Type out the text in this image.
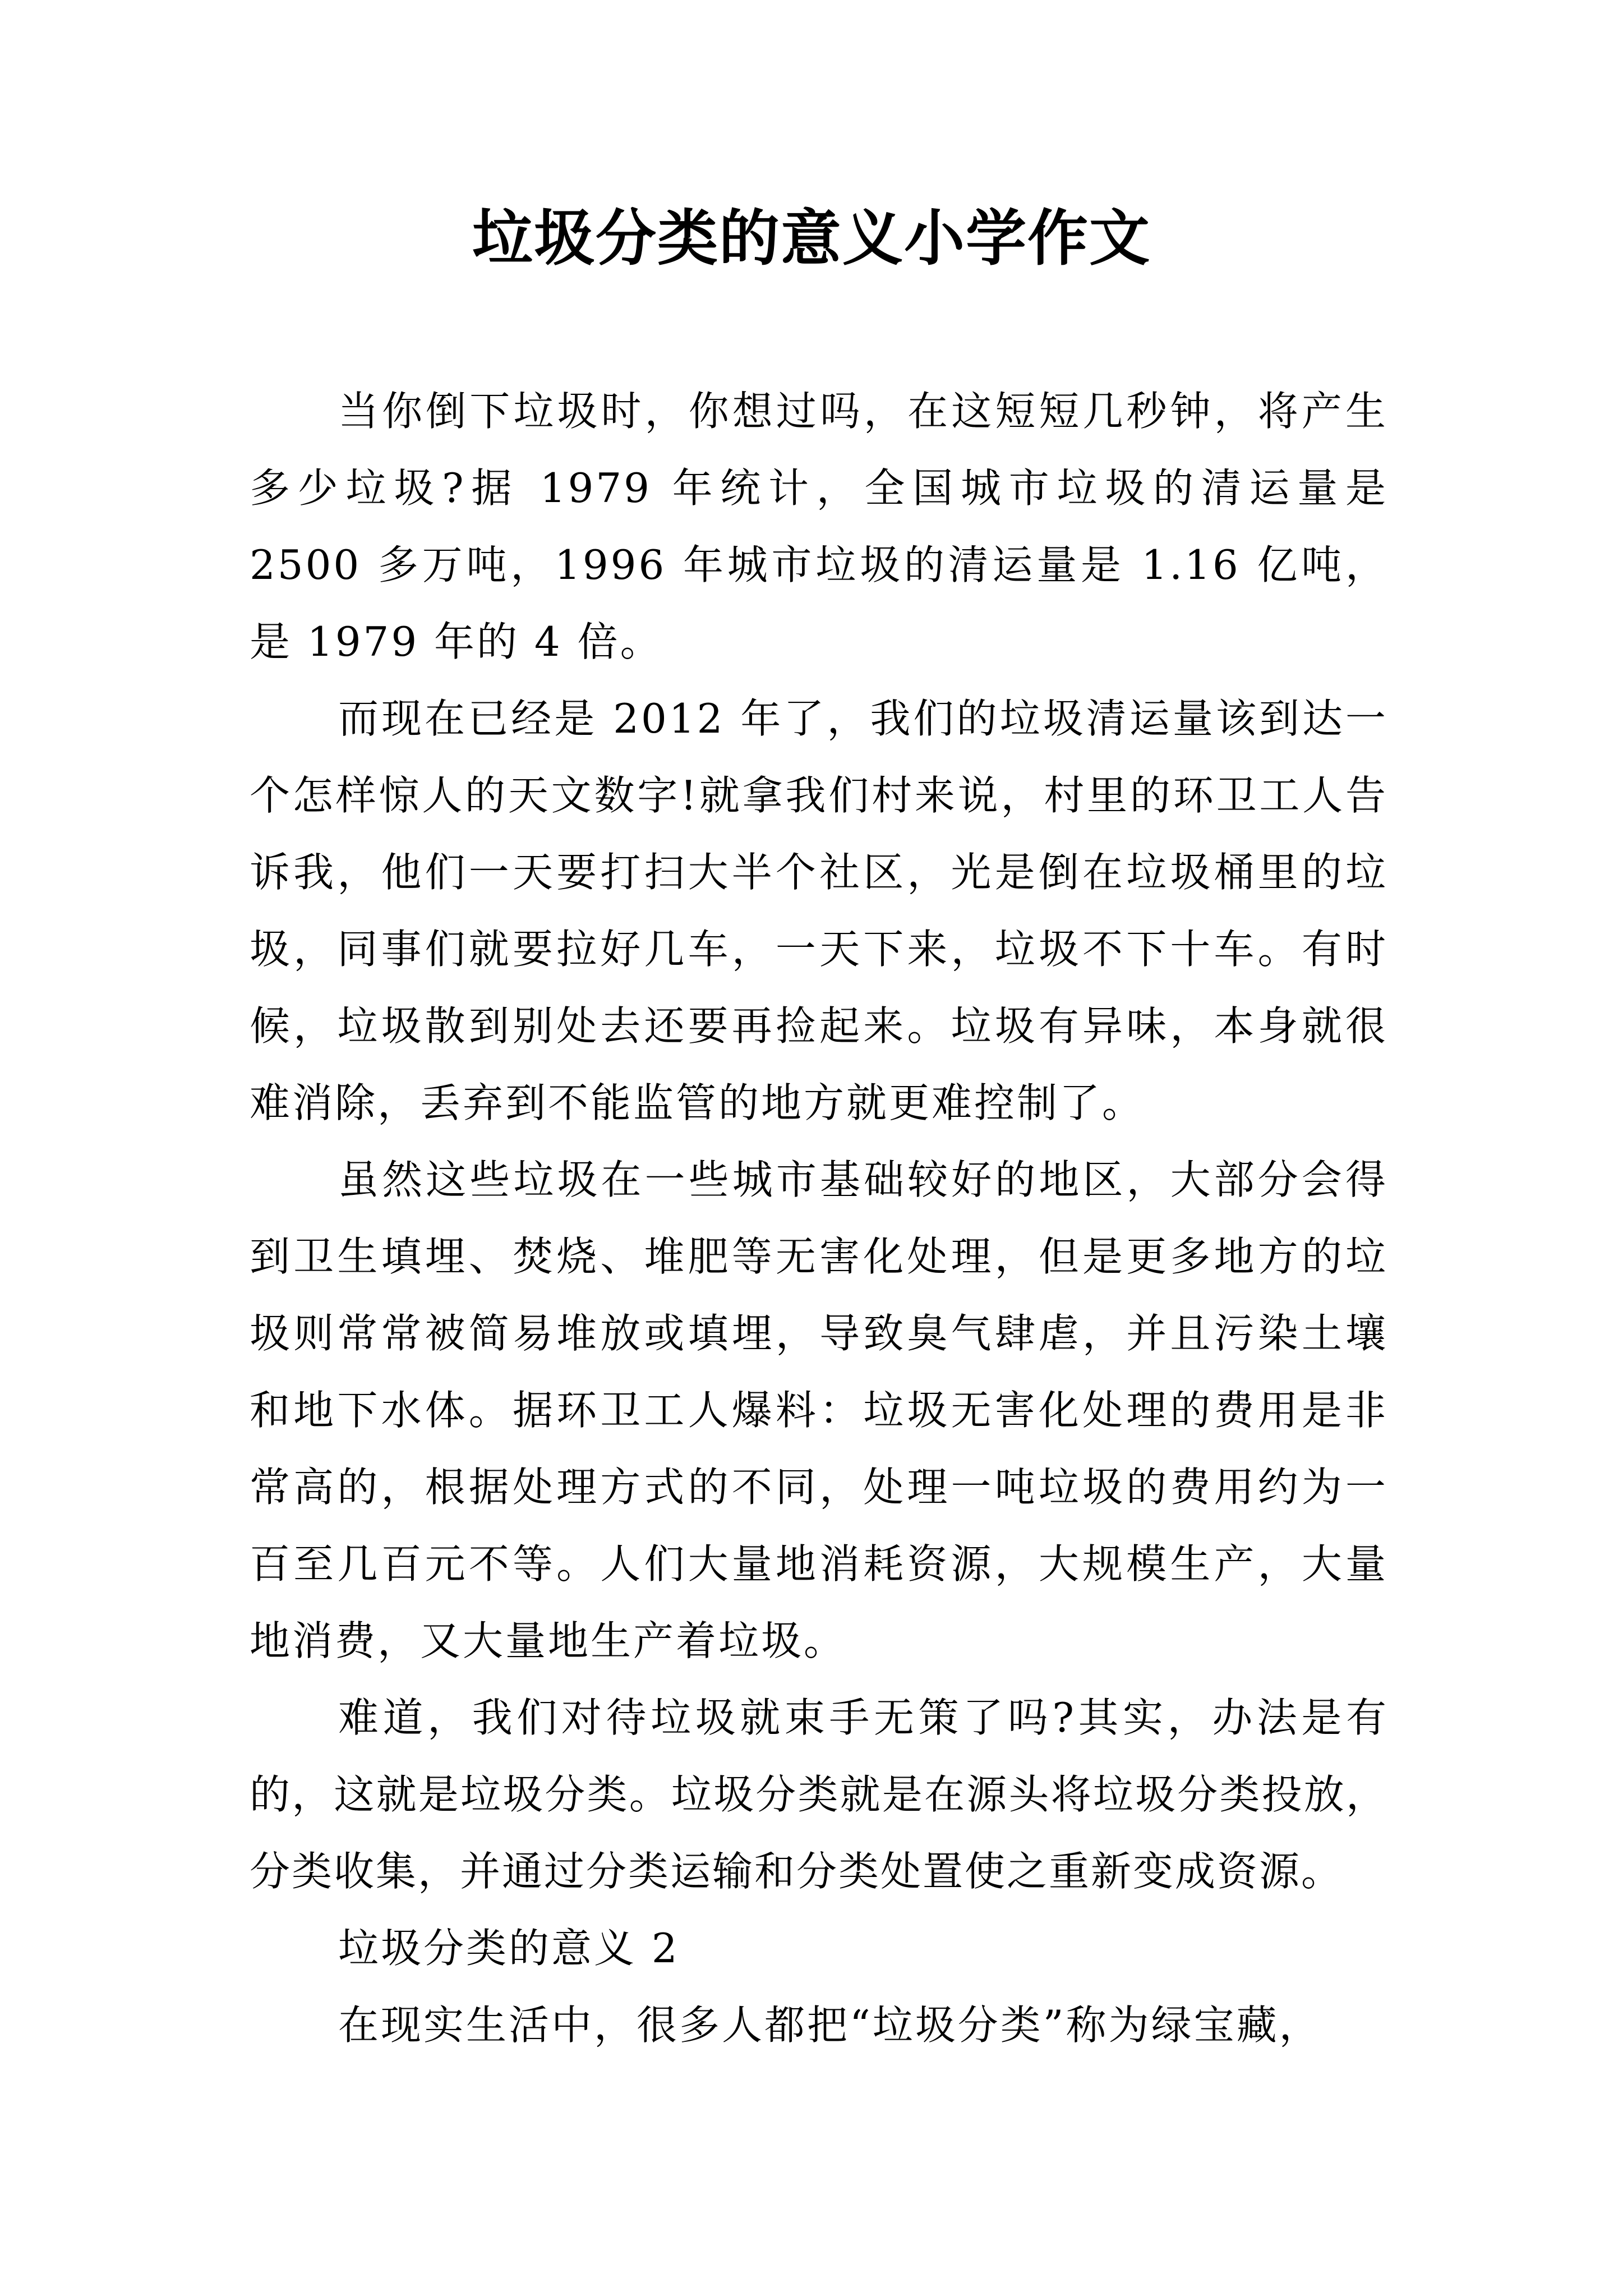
垃圾分类的意义小学作文

当你倒下垃圾时，你想过吗，在这短短几秒钟，将产生多少垃圾?据 1979 年统计，全国城市垃圾的清运量是 2500 多万吨，1996 年城市垃圾的清运量是 1.16 亿吨，是 1979 年的 4 倍。

而现在已经是 2012 年了，我们的垃圾清运量该到达一个怎样惊人的天文数字!就拿我们村来说，村里的环卫工人告诉我，他们一天要打扫大半个社区，光是倒在垃圾桶里的垃圾，同事们就要拉好几车，一天下来，垃圾不下十车。有时候，垃圾散到别处去还要再捡起来。垃圾有异味，本身就很难消除，丢弃到不能监管的地方就更难控制了。

虽然这些垃圾在一些城市基础较好的地区，大部分会得到卫生填埋、焚烧、堆肥等无害化处理，但是更多地方的垃圾则常常被简易堆放或填埋，导致臭气肆虐，并且污染土壤和地下水体。据环卫工人爆料：垃圾无害化处理的费用是非常高的，根据处理方式的不同，处理一吨垃圾的费用约为一百至几百元不等。人们大量地消耗资源，大规模生产，大量地消费，又大量地生产着垃圾。

难道，我们对待垃圾就束手无策了吗?其实，办法是有的，这就是垃圾分类。垃圾分类就是在源头将垃圾分类投放，分类收集，并通过分类运输和分类处置使之重新变成资源。

垃圾分类的意义 2

在现实生活中，很多人都把“垃圾分类”称为绿宝藏，
